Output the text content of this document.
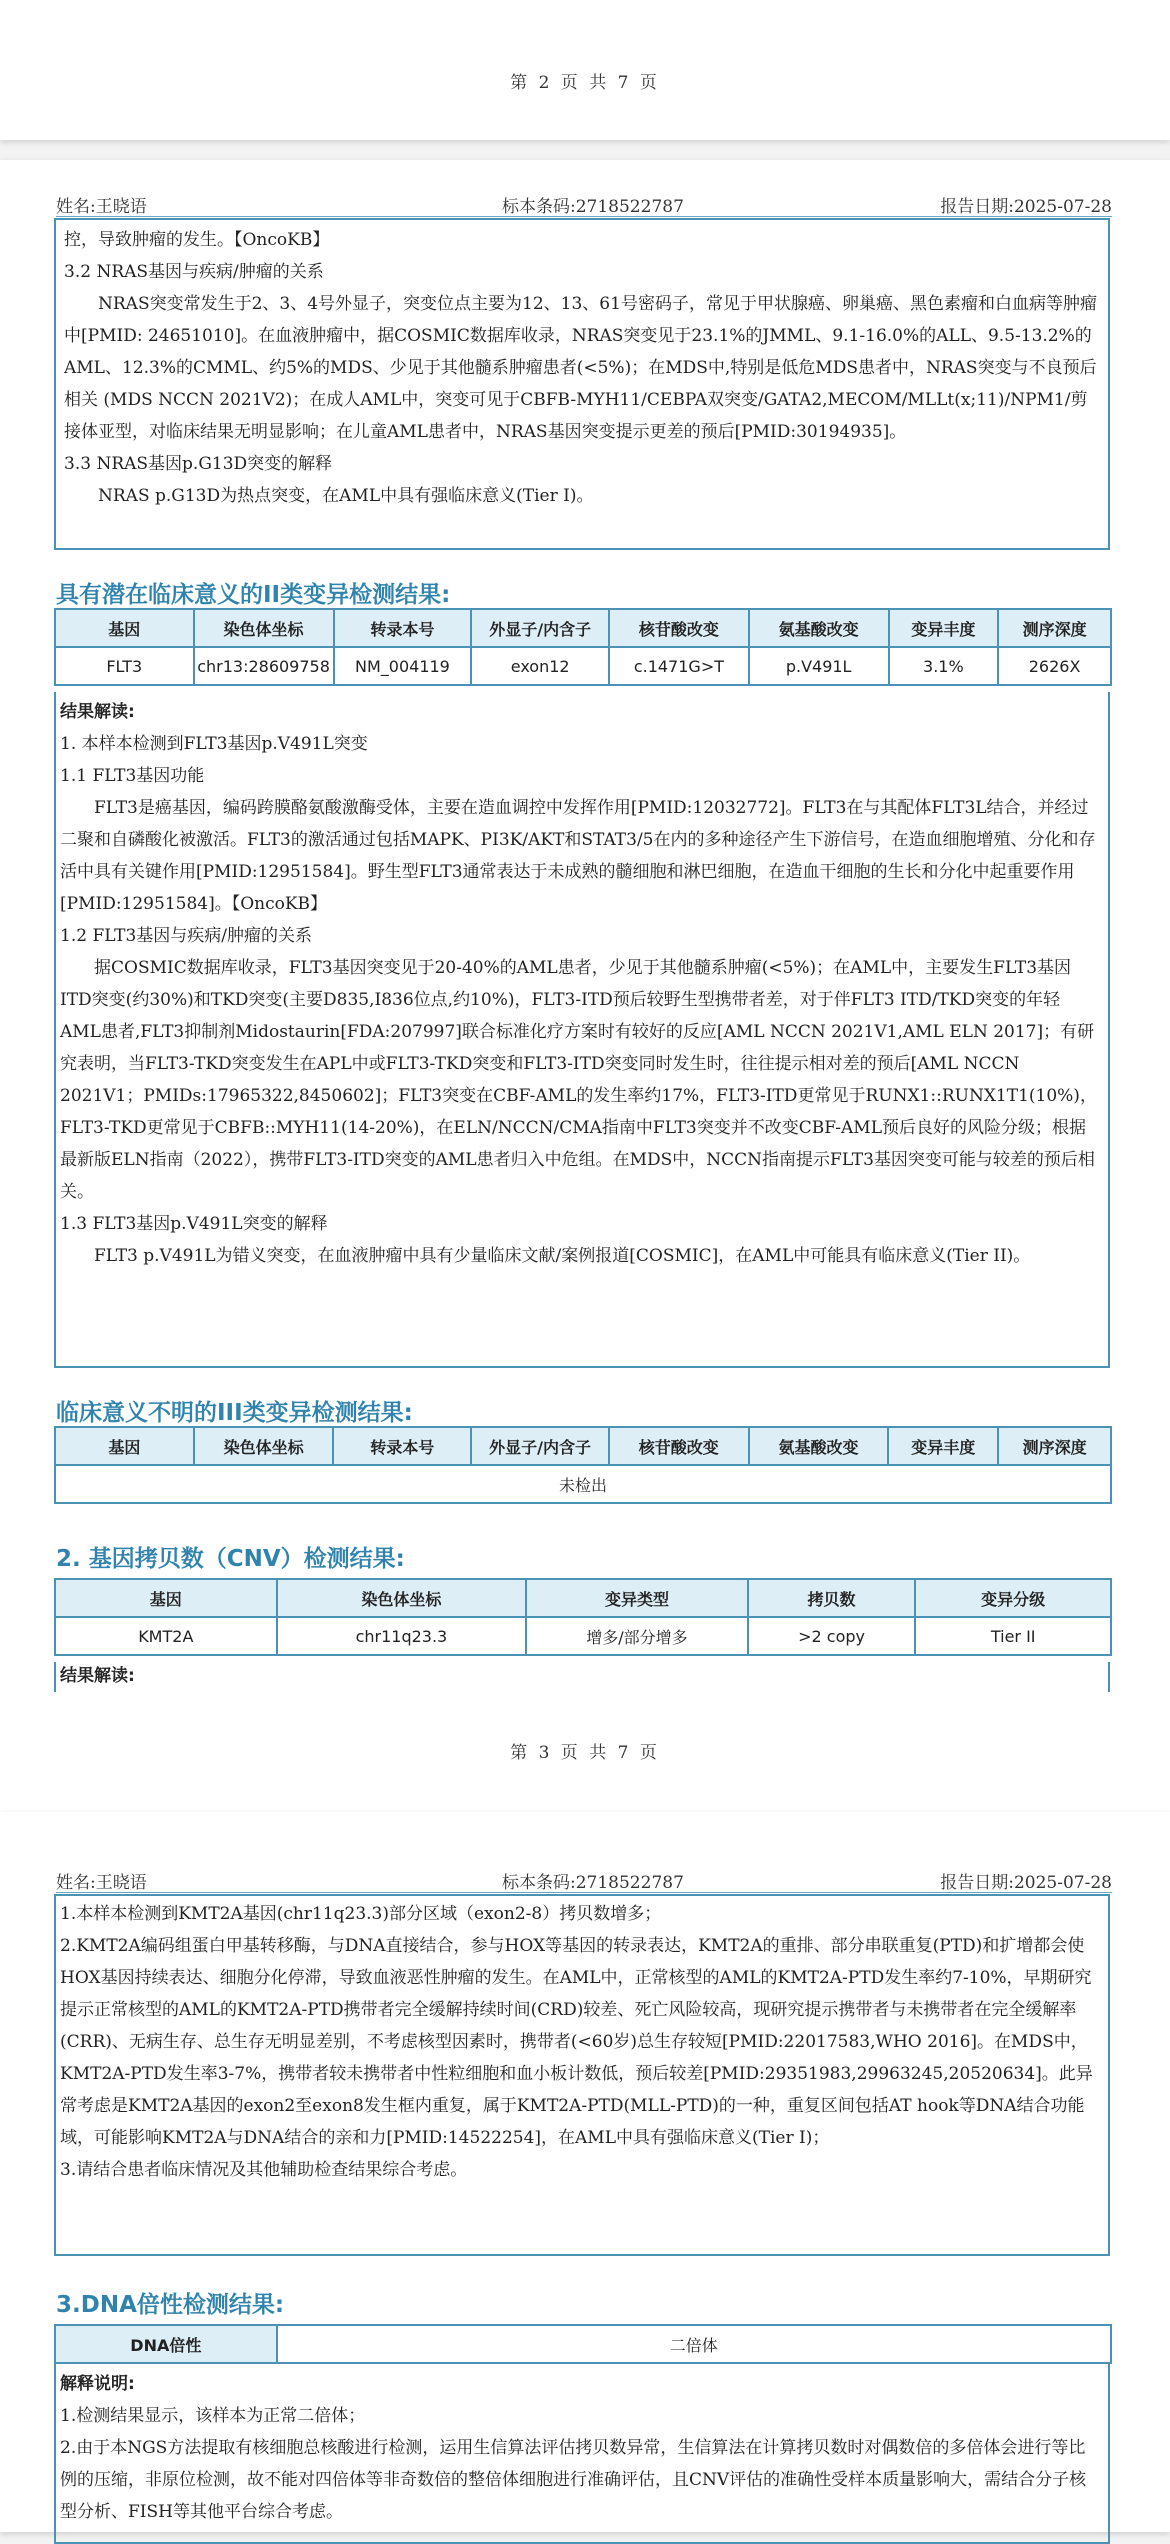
第 2 页 共 7 页
姓名:王晓语	标本条码:2718522787	报告日期:2025-07-28

控，导致肿瘤的发生。【OncoKB】

3.2 NRAS基因与疾病/肿瘤的关系

NRAS突变常发生于2、3、4号外显子，突变位点主要为12、13、61号密码子，常见于甲状腺癌、卵巢癌、黑色素瘤和白血病等肿瘤中[PMID: 24651010]。在血液肿瘤中，据COSMIC数据库收录，NRAS突变见于23.1%的JMML、9.1-16.0%的ALL、9.5-13.2%的AML、12.3%的CMML、约5%的MDS、少见于其他髓系肿瘤患者(<5%)；在MDS中,特别是低危MDS患者中，NRAS突变与不良预后相关 (MDS NCCN 2021V2)；在成人AML中，突变可见于CBFB-MYH11/CEBPA双突变/GATA2,MECOM/MLLt(x;11)/NPM1/剪接体亚型，对临床结果无明显影响；在儿童AML患者中，NRAS基因突变提示更差的预后[PMID:30194935]。

3.3 NRAS基因p.G13D突变的解释

NRAS p.G13D为热点突变，在AML中具有强临床意义(Tier I)。

具有潜在临床意义的II类变异检测结果:
基因	染色体坐标	转录本号	外显子/内含子	核苷酸改变	氨基酸改变	变异丰度	测序深度
FLT3	chr13:28609758	NM_004119	exon12	c.1471G>T	p.V491L	3.1%	2626X
结果解读:

1. 本样本检测到FLT3基因p.V491L突变

1.1 FLT3基因功能

FLT3是癌基因，编码跨膜酪氨酸激酶受体，主要在造血调控中发挥作用[PMID:12032772]。FLT3在与其配体FLT3L结合，并经过二聚和自磷酸化被激活。FLT3的激活通过包括MAPK、PI3K/AKT和STAT3/5在内的多种途径产生下游信号，在造血细胞增殖、分化和存活中具有关键作用[PMID:12951584]。野生型FLT3通常表达于未成熟的髓细胞和淋巴细胞，在造血干细胞的生长和分化中起重要作用[PMID:12951584]。【OncoKB】

1.2 FLT3基因与疾病/肿瘤的关系

据COSMIC数据库收录，FLT3基因突变见于20-40%的AML患者，少见于其他髓系肿瘤(<5%)；在AML中，主要发生FLT3基因ITD突变(约30%)和TKD突变(主要D835,I836位点,约10%)，FLT3-ITD预后较野生型携带者差，对于伴FLT3 ITD/TKD突变的年轻AML患者,FLT3抑制剂Midostaurin[FDA:207997]联合标准化疗方案时有较好的反应[AML NCCN 2021V1,AML ELN 2017]；有研究表明，当FLT3-TKD突变发生在APL中或FLT3-TKD突变和FLT3-ITD突变同时发生时，往往提示相对差的预后[AML NCCN 2021V1；PMIDs:17965322,8450602]；FLT3突变在CBF-AML的发生率约17%，FLT3-ITD更常见于RUNX1::RUNX1T1(10%)，FLT3-TKD更常见于CBFB::MYH11(14-20%)，在ELN/NCCN/CMA指南中FLT3突变并不改变CBF-AML预后良好的风险分级；根据最新版ELN指南（2022），携带FLT3-ITD突变的AML患者归入中危组。在MDS中，NCCN指南提示FLT3基因突变可能与较差的预后相关。

1.3 FLT3基因p.V491L突变的解释

FLT3 p.V491L为错义突变，在血液肿瘤中具有少量临床文献/案例报道[COSMIC]，在AML中可能具有临床意义(Tier II)。

临床意义不明的III类变异检测结果:
基因	染色体坐标	转录本号	外显子/内含子	核苷酸改变	氨基酸改变	变异丰度	测序深度
未检出
2. 基因拷贝数（CNV）检测结果:
基因	染色体坐标	变异类型	拷贝数	变异分级
KMT2A	chr11q23.3	增多/部分增多	>2 copy	Tier II
结果解读:
第 3 页 共 7 页
姓名:王晓语	标本条码:2718522787	报告日期:2025-07-28

1.本样本检测到KMT2A基因(chr11q23.3)部分区域（exon2-8）拷贝数增多；

2.KMT2A编码组蛋白甲基转移酶，与DNA直接结合，参与HOX等基因的转录表达，KMT2A的重排、部分串联重复(PTD)和扩增都会使HOX基因持续表达、细胞分化停滞，导致血液恶性肿瘤的发生。在AML中，正常核型的AML的KMT2A-PTD发生率约7-10%，早期研究提示正常核型的AML的KMT2A-PTD携带者完全缓解持续时间(CRD)较差、死亡风险较高，现研究提示携带者与未携带者在完全缓解率(CRR)、无病生存、总生存无明显差别，不考虑核型因素时，携带者(<60岁)总生存较短[PMID:22017583,WHO 2016]。在MDS中，KMT2A-PTD发生率3-7%，携带者较未携带者中性粒细胞和血小板计数低，预后较差[PMID:29351983,29963245,20520634]。此异常考虑是KMT2A基因的exon2至exon8发生框内重复，属于KMT2A-PTD(MLL-PTD)的一种，重复区间包括AT hook等DNA结合功能域，可能影响KMT2A与DNA结合的亲和力[PMID:14522254]，在AML中具有强临床意义(Tier I)；

3.请结合患者临床情况及其他辅助检查结果综合考虑。

3.DNA倍性检测结果:
DNA倍性	二倍体
解释说明:

1.检测结果显示，该样本为正常二倍体；

2.由于本NGS方法提取有核细胞总核酸进行检测，运用生信算法评估拷贝数异常，生信算法在计算拷贝数时对偶数倍的多倍体会进行等比例的压缩，非原位检测，故不能对四倍体等非奇数倍的整倍体细胞进行准确评估，且CNV评估的准确性受样本质量影响大，需结合分子核型分析、FISH等其他平台综合考虑。
